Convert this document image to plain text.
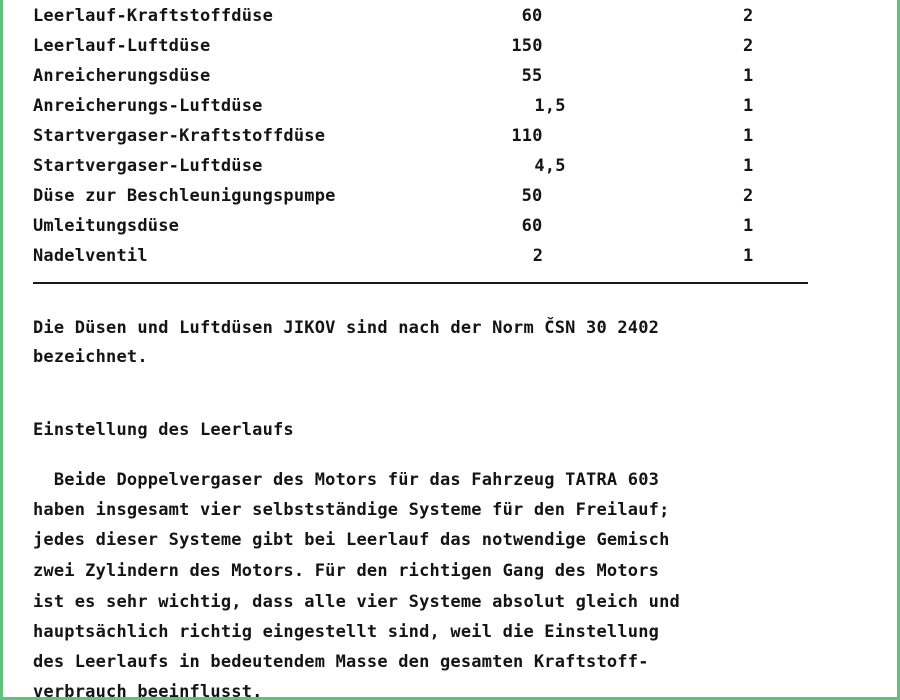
Leerlauf-Kraftstoffdüse	60	2
Leerlauf-Luftdüse	150	2
Anreicherungsdüse	55	1
Anreicherungs-Luftdüse	1,5	1
Startvergaser-Kraftstoffdüse	110	1
Startvergaser-Luftdüse	4,5	1
Düse zur Beschleunigungspumpe	50	2
Umleitungsdüse	60	1
Nadelventil	2	1
Die Düsen und Luftdüsen JIKOV sind nach der Norm ČSN 30 2402
bezeichnet.
Einstellung des Leerlaufs
Beide Doppelvergaser des Motors für das Fahrzeug TATRA 603
haben insgesamt vier selbstständige Systeme für den Freilauf;
jedes dieser Systeme gibt bei Leerlauf das notwendige Gemisch
zwei Zylindern des Motors. Für den richtigen Gang des Motors
ist es sehr wichtig, dass alle vier Systeme absolut gleich und
hauptsächlich richtig eingestellt sind, weil die Einstellung
des Leerlaufs in bedeutendem Masse den gesamten Kraftstoff-
verbrauch beeinflusst.
